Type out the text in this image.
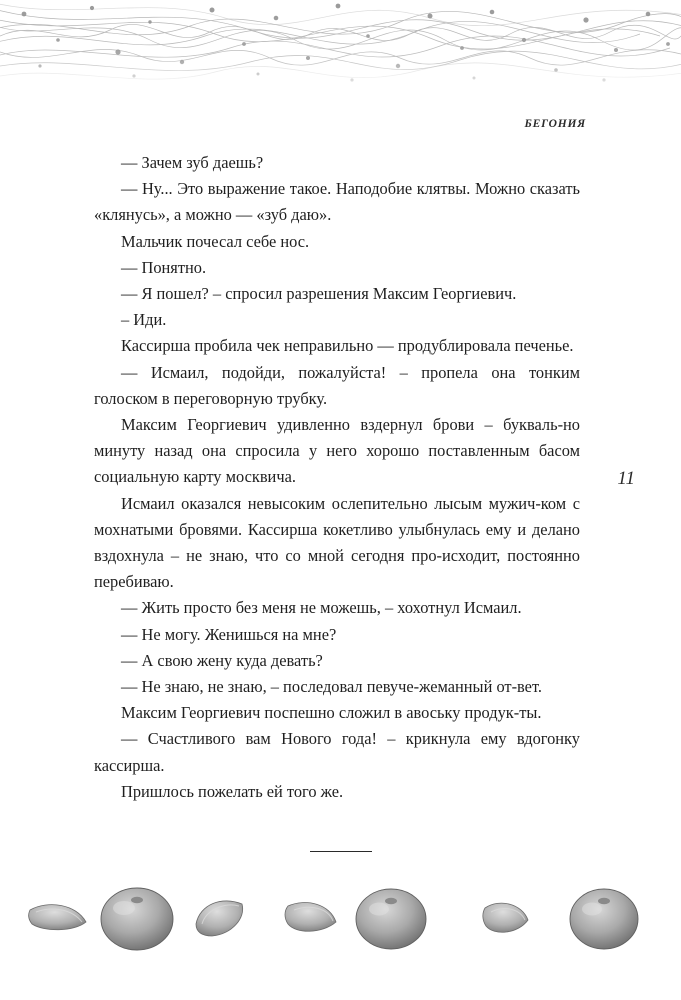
БЕГОНИЯ
11

— Зачем зуб даешь?

— Ну... Это выражение такое. Наподобие клятвы. Можно сказать «клянусь», а можно — «зуб даю».

Мальчик почесал себе нос.

— Понятно.

— Я пошел? – спросил разрешения Максим Георгиевич.

– Иди.

Кассирша пробила чек неправильно — продублировала печенье.

— Исмаил, подойди, пожалуйста! – пропела она тонким голоском в переговорную трубку.

Максим Георгиевич удивленно вздернул брови – букваль-но минуту назад она спросила у него хорошо поставленным басом социальную карту москвича.

Исмаил оказался невысоким ослепительно лысым мужич-ком с мохнатыми бровями. Кассирша кокетливо улыбнулась ему и делано вздохнула – не знаю, что со мной сегодня про-исходит, постоянно перебиваю.

— Жить просто без меня не можешь, – хохотнул Исмаил.

— Не могу. Женишься на мне?

— А свою жену куда девать?

— Не знаю, не знаю, – последовал певуче-жеманный от-вет.

Максим Георгиевич поспешно сложил в авоську продук-ты.

— Счастливого вам Нового года! – крикнула ему вдогонку кассирша.

Пришлось пожелать ей того же.
